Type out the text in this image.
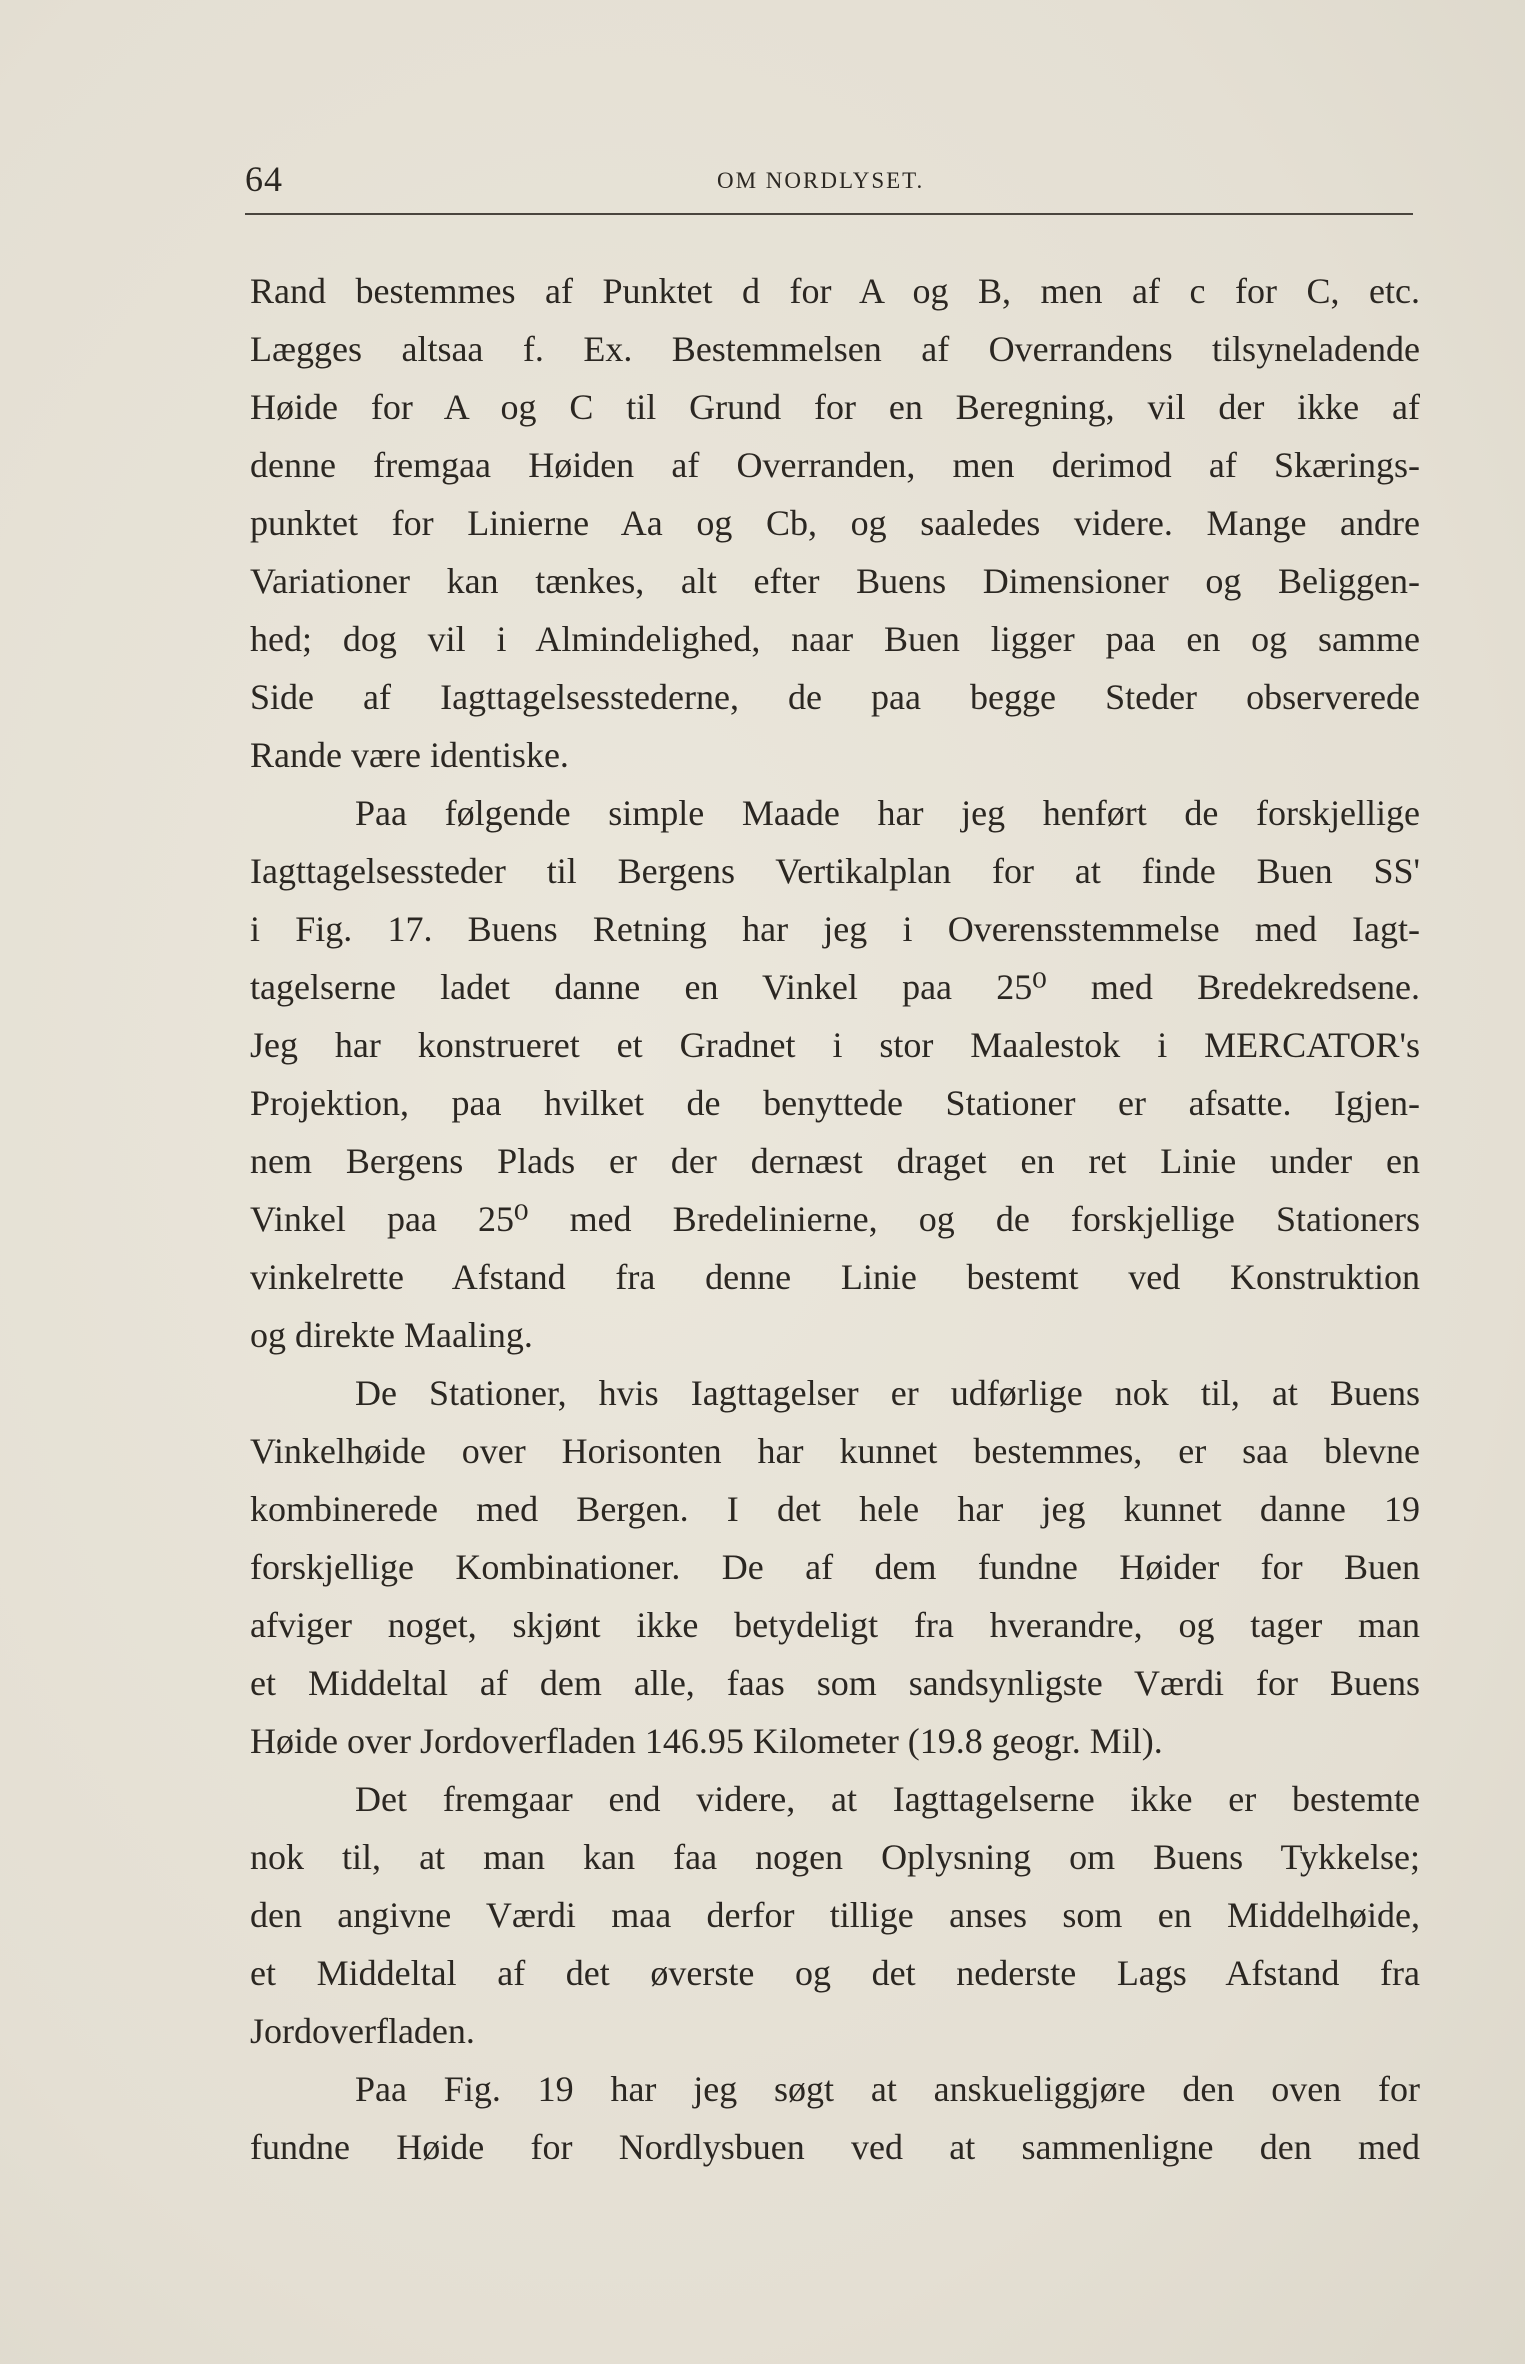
64	OM NORDLYSET.
Rand bestemmes af Punktet d for A og B, men af c for C, etc.
Lægges altsaa f. Ex. Bestemmelsen af Overrandens tilsyneladende
Høide for A og C til Grund for en Beregning, vil der ikke af
denne fremgaa Høiden af Overranden, men derimod af Skærings-
punktet for Linierne Aa og Cb, og saaledes videre. Mange andre
Variationer kan tænkes, alt efter Buens Dimensioner og Beliggen-
hed; dog vil i Almindelighed, naar Buen ligger paa en og samme
Side af Iagttagelsesstederne, de paa begge Steder observerede
Rande være identiske.
Paa følgende simple Maade har jeg henført de forskjellige
Iagttagelsessteder til Bergens Vertikalplan for at finde Buen SS'
i Fig. 17. Buens Retning har jeg i Overensstemmelse med Iagt-
tagelserne ladet danne en Vinkel paa 25⁰ med Bredekredsene.
Jeg har konstrueret et Gradnet i stor Maalestok i MERCATOR's
Projektion, paa hvilket de benyttede Stationer er afsatte. Igjen-
nem Bergens Plads er der dernæst draget en ret Linie under en
Vinkel paa 25⁰ med Bredelinierne, og de forskjellige Stationers
vinkelrette Afstand fra denne Linie bestemt ved Konstruktion
og direkte Maaling.
De Stationer, hvis Iagttagelser er udførlige nok til, at Buens
Vinkelhøide over Horisonten har kunnet bestemmes, er saa blevne
kombinerede med Bergen. I det hele har jeg kunnet danne 19
forskjellige Kombinationer. De af dem fundne Høider for Buen
afviger noget, skjønt ikke betydeligt fra hverandre, og tager man
et Middeltal af dem alle, faas som sandsynligste Værdi for Buens
Høide over Jordoverfladen 146.95 Kilometer (19.8 geogr. Mil).
Det fremgaar end videre, at Iagttagelserne ikke er bestemte
nok til, at man kan faa nogen Oplysning om Buens Tykkelse;
den angivne Værdi maa derfor tillige anses som en Middelhøide,
et Middeltal af det øverste og det nederste Lags Afstand fra
Jordoverfladen.
Paa Fig. 19 har jeg søgt at anskueliggjøre den oven for
fundne Høide for Nordlysbuen ved at sammenligne den med
